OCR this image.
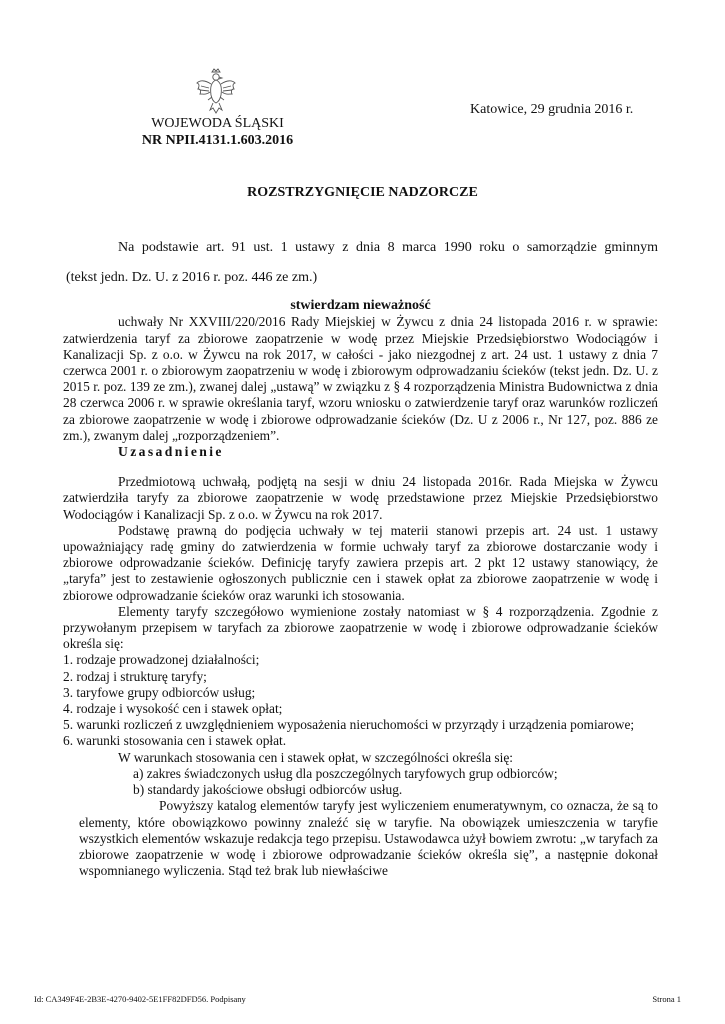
WOJEWODA ŚLĄSKI
NR NPII.4131.1.603.2016
Katowice, 29 grudnia 2016 r.
ROZSTRZYGNIĘCIE NADZORCZE

Na podstawie art. 91 ust. 1 ustawy z dnia 8 marca 1990 roku o samorządzie gminnym

(tekst jedn. Dz. U. z 2016 r. poz. 446 ze zm.)

stwierdzam nieważność

uchwały Nr XXVIII/220/2016 Rady Miejskiej w Żywcu z dnia 24 listopada 2016 r. w sprawie: zatwierdzenia taryf za zbiorowe zaopatrzenie w wodę przez Miejskie Przedsiębiorstwo Wodociągów i Kanalizacji Sp. z o.o. w Żywcu na rok 2017, w całości - jako niezgodnej z art. 24 ust. 1 ustawy z dnia 7 czerwca 2001 r. o zbiorowym zaopatrzeniu w wodę i zbiorowym odprowadzaniu ścieków (tekst jedn. Dz. U. z 2015 r. poz. 139 ze zm.), zwanej dalej „ustawą” w związku z § 4 rozporządzenia Ministra Budownictwa z dnia 28 czerwca 2006 r. w sprawie określania taryf, wzoru wniosku o zatwierdzenie taryf oraz warunków rozliczeń za zbiorowe zaopatrzenie w wodę i zbiorowe odprowadzanie ścieków (Dz. U z 2006 r., Nr 127, poz. 886 ze zm.), zwanym dalej „rozporządzeniem”.

Uzasadnienie

Przedmiotową uchwałą, podjętą na sesji w dniu 24 listopada 2016r. Rada Miejska w Żywcu zatwierdziła taryfy za zbiorowe zaopatrzenie w wodę przedstawione przez Miejskie Przedsiębiorstwo Wodociągów i Kanalizacji Sp. z o.o. w Żywcu na rok 2017.

Podstawę prawną do podjęcia uchwały w tej materii stanowi przepis art. 24 ust. 1 ustawy upoważniający radę gminy do zatwierdzenia w formie uchwały taryf za zbiorowe dostarczanie wody i zbiorowe odprowadzanie ścieków. Definicję taryfy zawiera przepis art. 2 pkt 12 ustawy stanowiący, że „taryfa” jest to zestawienie ogłoszonych publicznie cen i stawek opłat za zbiorowe zaopatrzenie w wodę i zbiorowe odprowadzanie ścieków oraz warunki ich stosowania.

Elementy taryfy szczegółowo wymienione zostały natomiast w § 4 rozporządzenia. Zgodnie z przywołanym przepisem w taryfach za zbiorowe zaopatrzenie w wodę i zbiorowe odprowadzanie ścieków określa się:

1. rodzaje prowadzonej działalności;
2. rodzaj i strukturę taryfy;
3. taryfowe grupy odbiorców usług;
4. rodzaje i wysokość cen i stawek opłat;
5. warunki rozliczeń z uwzględnieniem wyposażenia nieruchomości w przyrządy i urządzenia pomiarowe;
6. warunki stosowania cen i stawek opłat.

W warunkach stosowania cen i stawek opłat, w szczególności określa się:

a) zakres świadczonych usług dla poszczególnych taryfowych grup odbiorców;
b) standardy jakościowe obsługi odbiorców usług.

Powyższy katalog elementów taryfy jest wyliczeniem enumeratywnym, co oznacza, że są to elementy, które obowiązkowo powinny znaleźć się w taryfie. Na obowiązek umieszczenia w taryfie wszystkich elementów wskazuje redakcja tego przepisu. Ustawodawca użył bowiem zwrotu: „w taryfach za zbiorowe zaopatrzenie w wodę i zbiorowe odprowadzanie ścieków określa się”, a następnie dokonał wspomnianego wyliczenia. Stąd też brak lub niewłaściwe

Id: CA349F4E-2B3E-4270-9402-5E1FF82DFD56. Podpisany	Strona 1
